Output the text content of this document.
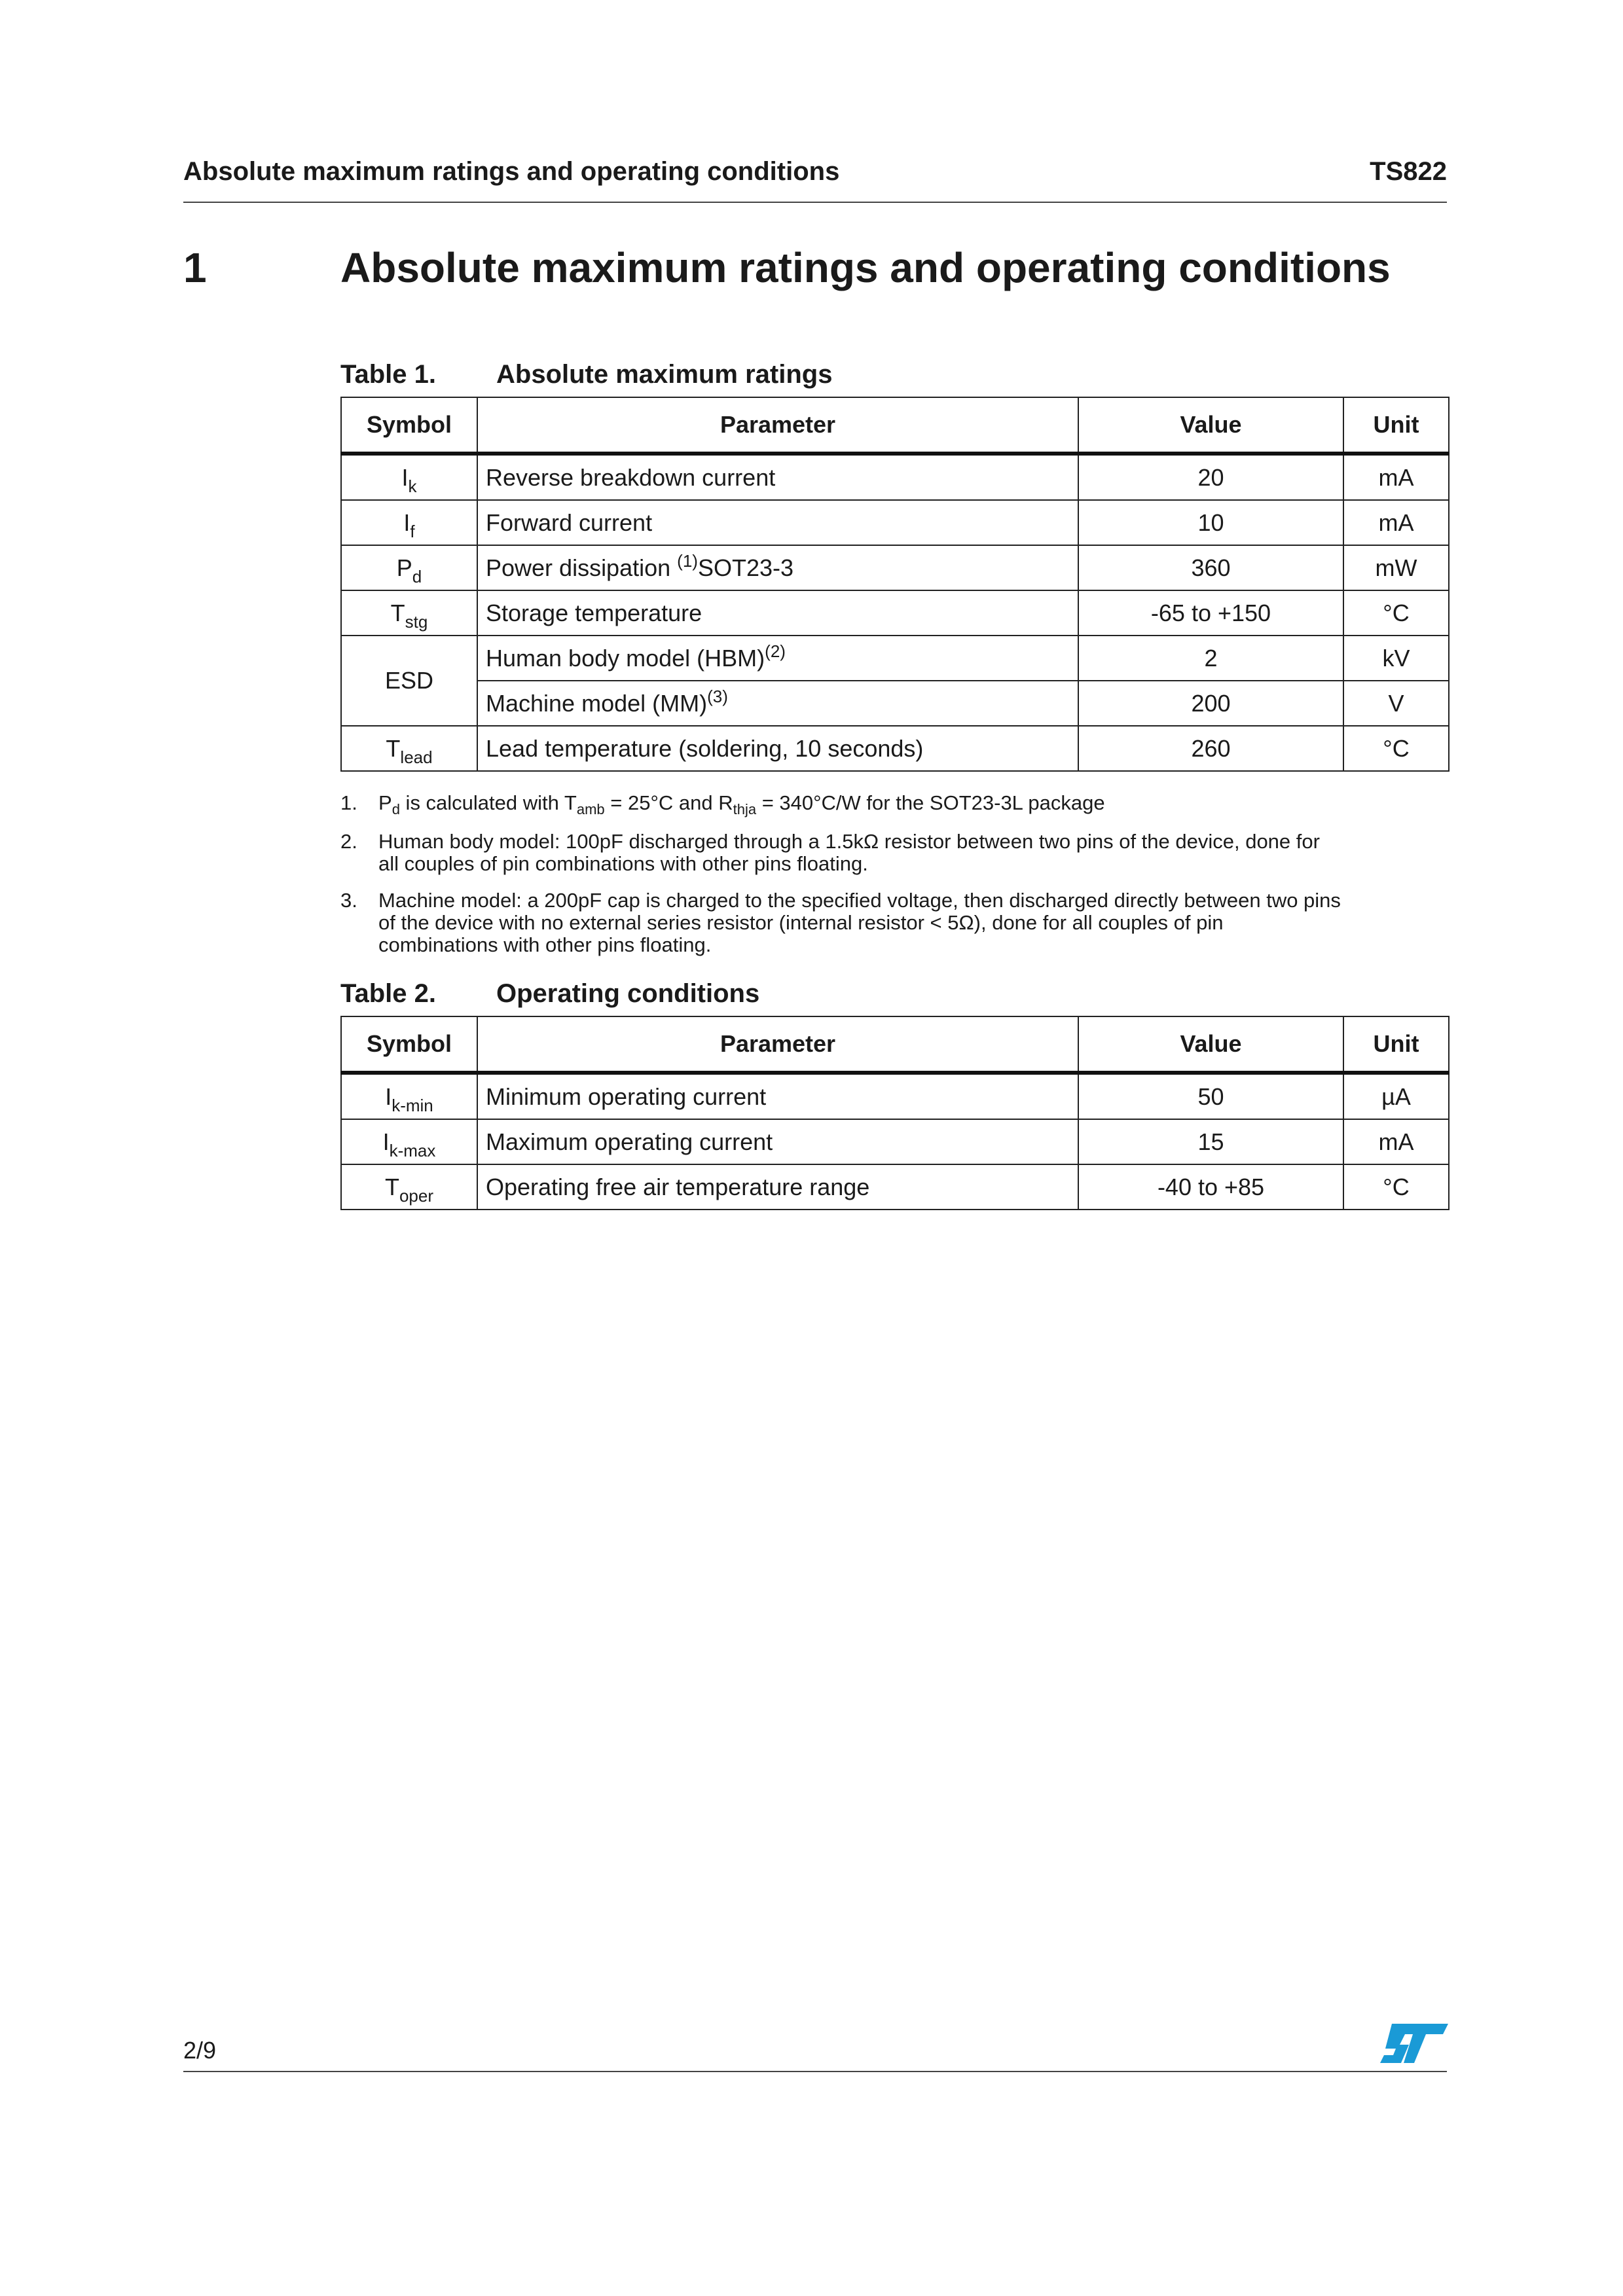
Absolute maximum ratings and operating conditions	TS822
1	Absolute maximum ratings and operating conditions
Table 1. Absolute maximum ratings
Symbol	Parameter	Value	Unit
$I_k$	Reverse breakdown current	20	mA
$I_f$	Forward current	10	mA
$P_d$	Power dissipation $^{(1)}$SOT23-3	360	mW
$T_{stg}$	Storage temperature	-65 to +150	°C
ESD	Human body model (HBM)$^{(2)}$	2	kV
	Machine model (MM)$^{(3)}$	200	V
$T_{lead}$	Lead temperature (soldering, 10 seconds)	260	°C
1. $P_d$ is calculated with $T_{amb} = 25^\circ C$ and $R_{thja} = 340^\circ C/W$ for the SOT23-3L package
2. Human body model: 100pF discharged through a 1.5kΩ resistor between two pins of the device, done for
all couples of pin combinations with other pins floating.
3. Machine model: a 200pF cap is charged to the specified voltage, then discharged directly between two pins
of the device with no external series resistor (internal resistor < 5Ω), done for all couples of pin
combinations with other pins floating.
Table 2. Operating conditions
Symbol	Parameter	Value	Unit
$I_{k-min}$	Minimum operating current	50	µA
$I_{k-max}$	Maximum operating current	15	mA
$T_{oper}$	Operating free air temperature range	-40 to +85	°C
2/9
